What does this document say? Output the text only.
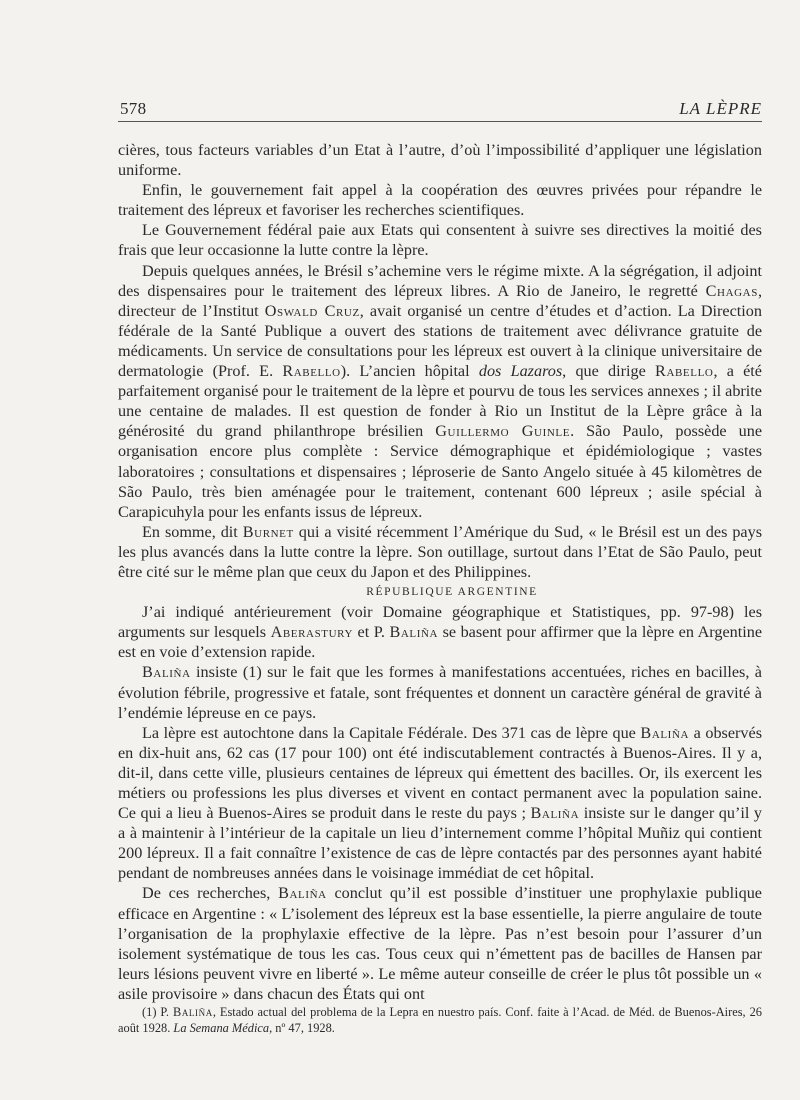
578	LA LÈPRE

cières, tous facteurs variables d’un Etat à l’autre, d’où l’impossibilité d’appliquer une législation uniforme.

Enfin, le gouvernement fait appel à la coopération des œuvres privées pour répandre le traitement des lépreux et favoriser les recherches scientifiques.

Le Gouvernement fédéral paie aux Etats qui consentent à suivre ses directives la moitié des frais que leur occasionne la lutte contre la lèpre.

Depuis quelques années, le Brésil s’achemine vers le régime mixte. A la ségrégation, il adjoint des dispensaires pour le traitement des lépreux libres. A Rio de Janeiro, le regretté Chagas, directeur de l’Institut Oswald Cruz, avait organisé un centre d’études et d’action. La Direction fédérale de la Santé Publique a ouvert des stations de traitement avec délivrance gratuite de médicaments. Un service de consultations pour les lépreux est ouvert à la clinique universitaire de dermatologie (Prof. E. Rabello). L’ancien hôpital dos Lazaros, que dirige Rabello, a été parfaitement organisé pour le traitement de la lèpre et pourvu de tous les services annexes ; il abrite une centaine de malades. Il est question de fonder à Rio un Institut de la Lèpre grâce à la générosité du grand philanthrope brésilien Guillermo Guinle. São Paulo, possède une organisation encore plus complète : Service démographique et épidémiologique ; vastes laboratoires ; consultations et dispensaires ; léproserie de Santo Angelo située à 45 kilomètres de São Paulo, très bien aménagée pour le traitement, contenant 600 lépreux ; asile spécial à Carapicuhyla pour les enfants issus de lépreux.

En somme, dit Burnet qui a visité récemment l’Amérique du Sud, « le Brésil est un des pays les plus avancés dans la lutte contre la lèpre. Son outillage, surtout dans l’Etat de São Paulo, peut être cité sur le même plan que ceux du Japon et des Philippines.

RÉPUBLIQUE ARGENTINE

J’ai indiqué antérieurement (voir Domaine géographique et Statistiques, pp. 97-98) les arguments sur lesquels Aberastury et P. Baliña se basent pour affirmer que la lèpre en Argentine est en voie d’extension rapide.

Baliña insiste (1) sur le fait que les formes à manifestations accentuées, riches en bacilles, à évolution fébrile, progressive et fatale, sont fréquentes et donnent un caractère général de gravité à l’endémie lépreuse en ce pays.

La lèpre est autochtone dans la Capitale Fédérale. Des 371 cas de lèpre que Baliña a observés en dix-huit ans, 62 cas (17 pour 100) ont été indiscutablement contractés à Buenos-Aires. Il y a, dit-il, dans cette ville, plusieurs centaines de lépreux qui émettent des bacilles. Or, ils exercent les métiers ou professions les plus diverses et vivent en contact permanent avec la population saine. Ce qui a lieu à Buenos-Aires se produit dans le reste du pays ; Baliña insiste sur le danger qu’il y a à maintenir à l’intérieur de la capitale un lieu d’internement comme l’hôpital Muñiz qui contient 200 lépreux. Il a fait connaître l’existence de cas de lèpre contactés par des personnes ayant habité pendant de nombreuses années dans le voisinage immédiat de cet hôpital.

De ces recherches, Baliña conclut qu’il est possible d’instituer une prophylaxie publique efficace en Argentine : « L’isolement des lépreux est la base essentielle, la pierre angulaire de toute l’organisation de la prophylaxie effective de la lèpre. Pas n’est besoin pour l’assurer d’un isolement systématique de tous les cas. Tous ceux qui n’émettent pas de bacilles de Hansen par leurs lésions peuvent vivre en liberté ». Le même auteur conseille de créer le plus tôt possible un « asile provisoire » dans chacun des États qui ont

(1) P. Baliña, Estado actual del problema de la Lepra en nuestro país. Conf. faite à l’Acad. de Méd. de Buenos-Aires, 26 août 1928. La Semana Médica, nº 47, 1928.
